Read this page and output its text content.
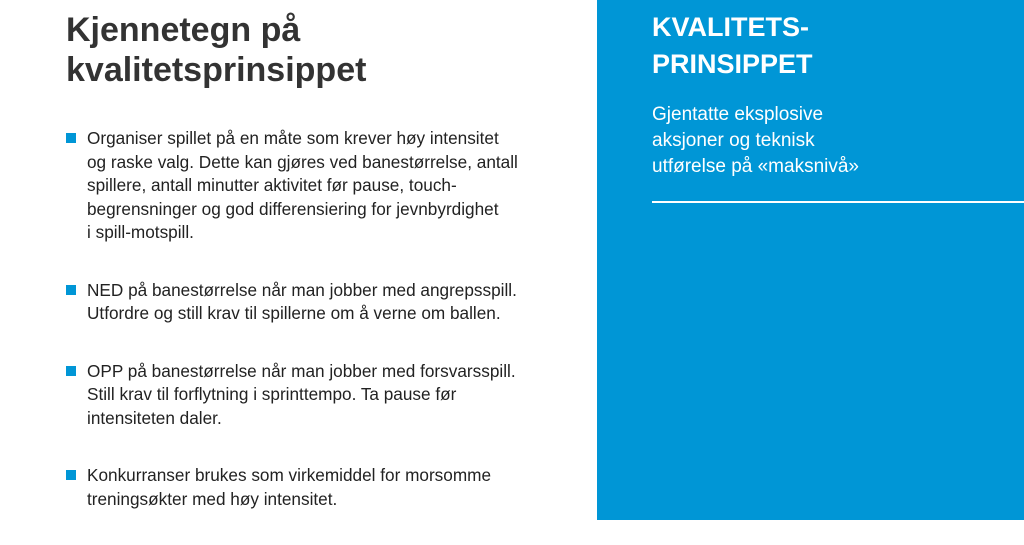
Kjennetegn på
kvalitetsprinsippet
Organiser spillet på en måte som krever høy intensitet
og raske valg. Dette kan gjøres ved banestørrelse, antall
spillere, antall minutter aktivitet før pause, touch-
begrensninger og god differensiering for jevnbyrdighet
i spill-motspill.
NED på banestørrelse når man jobber med angrepsspill.
Utfordre og still krav til spillerne om å verne om ballen.
OPP på banestørrelse når man jobber med forsvarsspill.
Still krav til forflytning i sprinttempo. Ta pause før
intensiteten daler.
Konkurranser brukes som virkemiddel for morsomme
treningsøkter med høy intensitet.
KVALITETS-
PRINSIPPET

Gjentatte eksplosive
aksjoner og teknisk
utførelse på «maksnivå»
